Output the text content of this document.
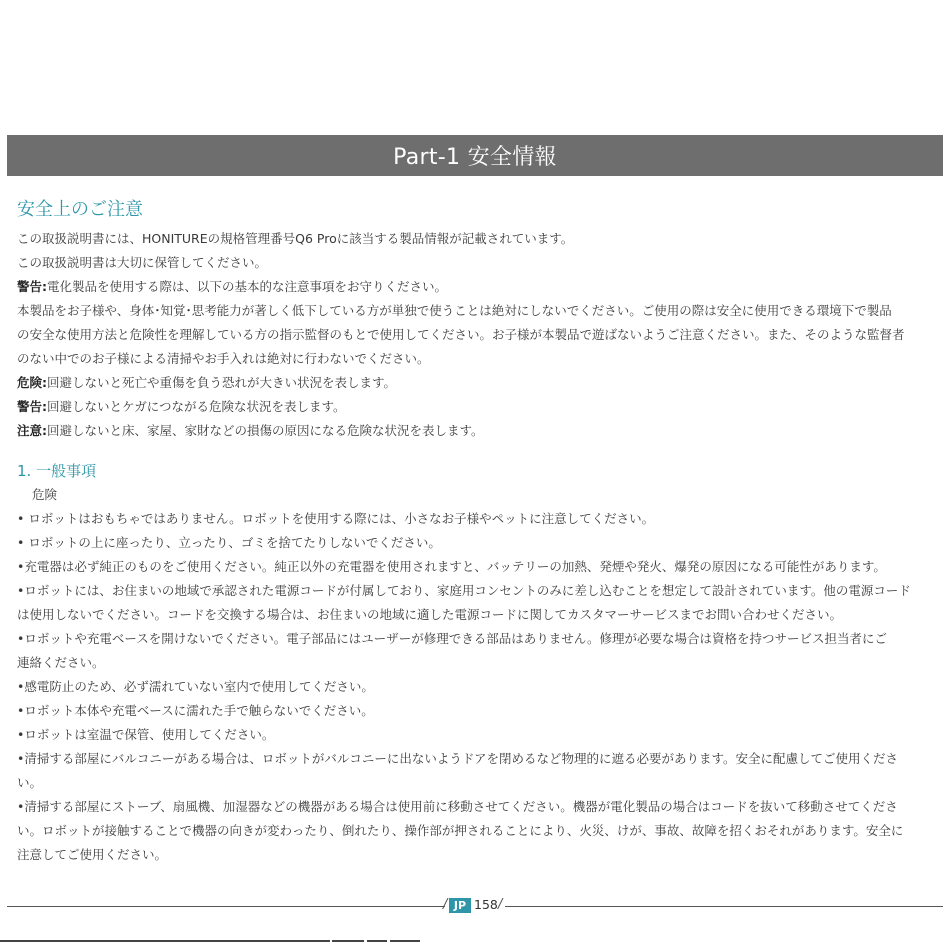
Part-1 安全情報
安全上のご注意
この取扱説明書には、HONITUREの規格管理番号Q6 Proに該当する製品情報が記載されています。
この取扱説明書は大切に保管してください。
警告:電化製品を使用する際は、以下の基本的な注意事項をお守りください。
本製品をお子様や、身体･知覚･思考能力が著しく低下している方が単独で使うことは絶対にしないでください。ご使用の際は安全に使用できる環境下で製品
の安全な使用方法と危険性を理解している方の指示監督のもとで使用してください。お子様が本製品で遊ばないようご注意ください。また、そのような監督者
のない中でのお子様による清掃やお手入れは絶対に行わないでください。
危険:回避しないと死亡や重傷を負う恐れが大きい状況を表します。
警告:回避しないとケガにつながる危険な状況を表します。
注意:回避しないと床、家屋、家財などの損傷の原因になる危険な状況を表します。
1. 一般事項
危険
• ロボットはおもちゃではありません。ロボットを使用する際には、小さなお子様やペットに注意してください。
• ロボットの上に座ったり、立ったり、ゴミを捨てたりしないでください。
•充電器は必ず純正のものをご使用ください。純正以外の充電器を使用されますと、バッテリーの加熱、発煙や発火、爆発の原因になる可能性があります。
•ロボットには、お住まいの地域で承認された電源コードが付属しており、家庭用コンセントのみに差し込むことを想定して設計されています。他の電源コード
は使用しないでください。コードを交換する場合は、お住まいの地域に適した電源コードに関してカスタマーサービスまでお問い合わせください。
•ロボットや充電ベースを開けないでください。電子部品にはユーザーが修理できる部品はありません。修理が必要な場合は資格を持つサービス担当者にご
連絡ください。
•感電防止のため、必ず濡れていない室内で使用してください。
•ロボット本体や充電ベースに濡れた手で触らないでください。
•ロボットは室温で保管、使用してください。
•清掃する部屋にバルコニーがある場合は、ロボットがバルコニーに出ないようドアを閉めるなど物理的に遮る必要があります。安全に配慮してご使用くださ
い。
•清掃する部屋にストーブ、扇風機、加湿器などの機器がある場合は使用前に移動させてください。機器が電化製品の場合はコードを抜いて移動させてくださ
い。ロボットが接触することで機器の向きが変わったり、倒れたり、操作部が押されることにより、火災、けが、事故、故障を招くおそれがあります。安全に
注意してご使用ください。
/ JP 158 /
